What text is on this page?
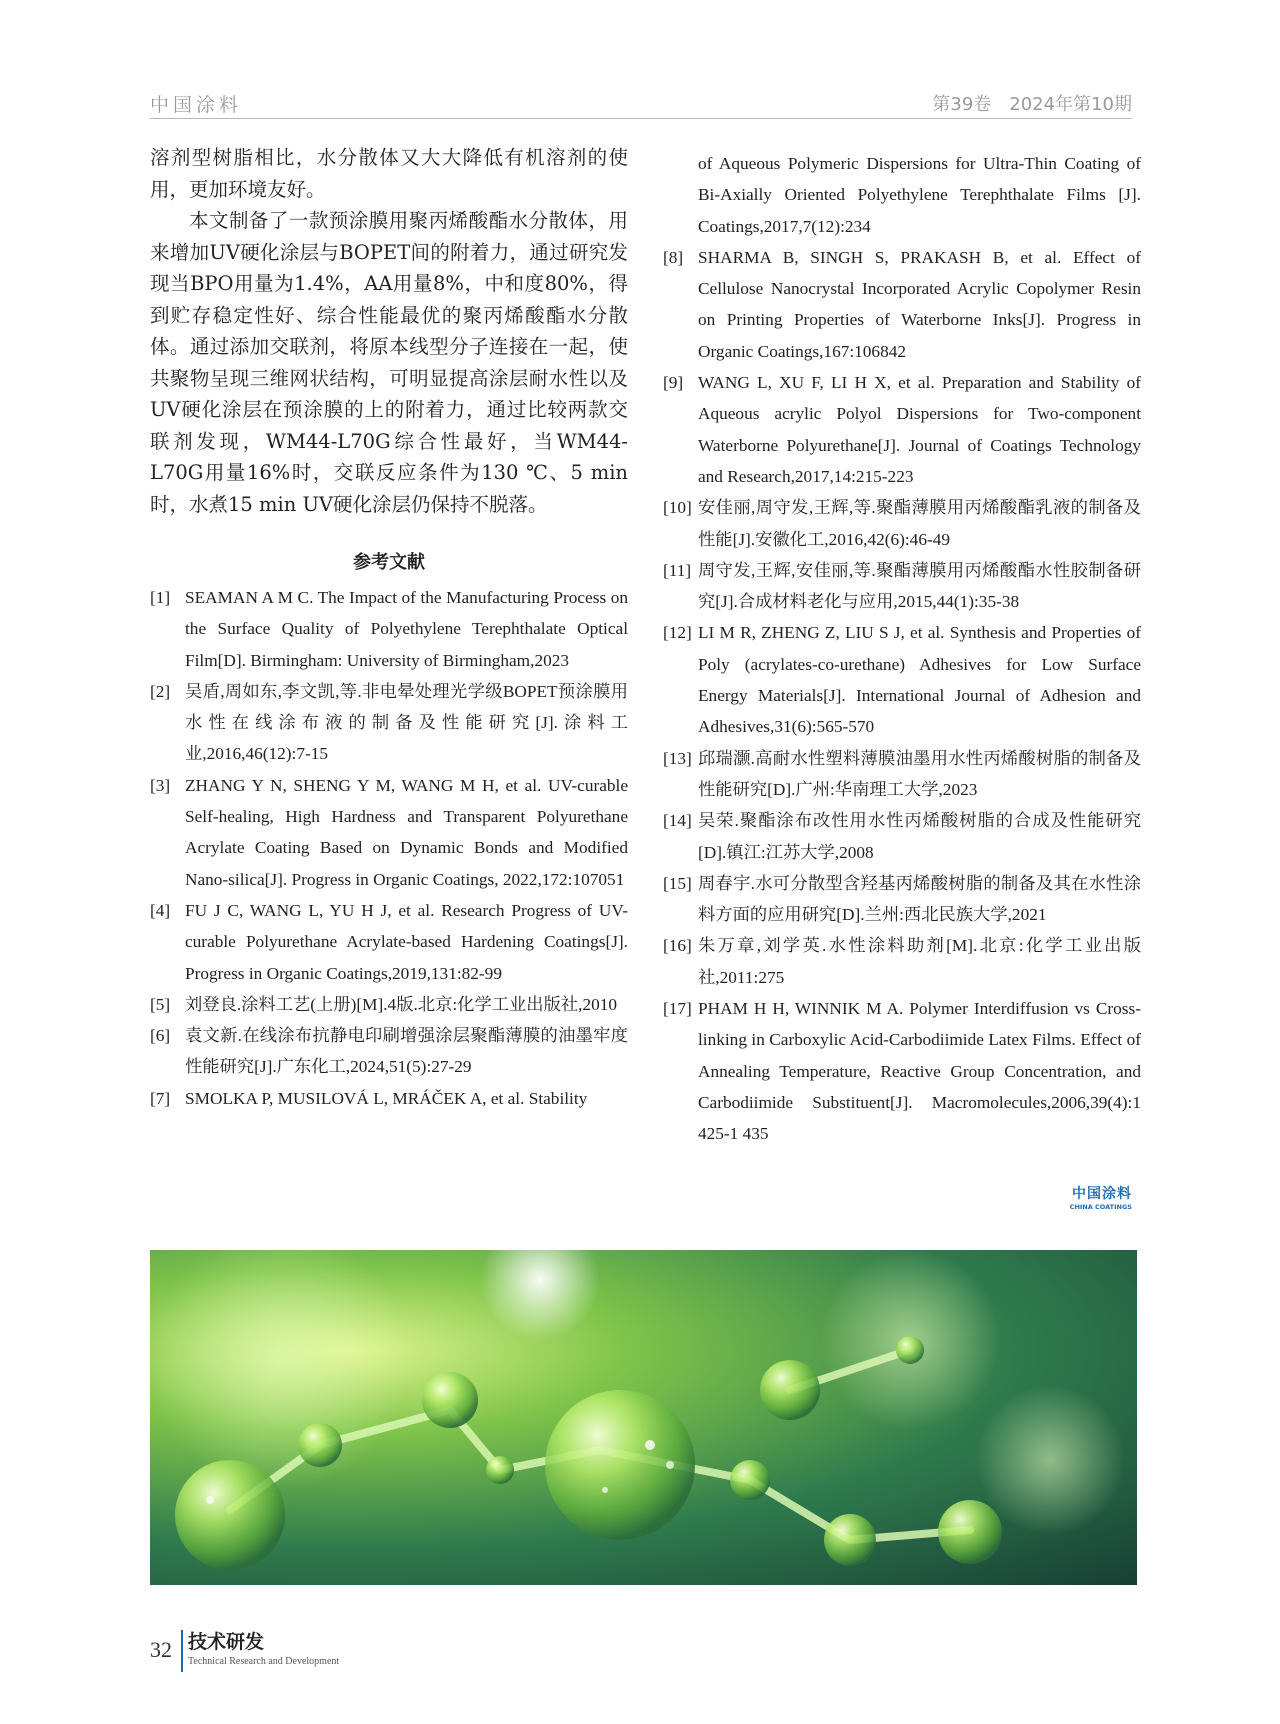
中国涂料	第39卷　2024年第10期

溶剂型树脂相比，水分散体又大大降低有机溶剂的使用，更加环境友好。

本文制备了一款预涂膜用聚丙烯酸酯水分散体，用来增加UV硬化涂层与BOPET间的附着力，通过研究发现当BPO用量为1.4%，AA用量8%，中和度80%，得到贮存稳定性好、综合性能最优的聚丙烯酸酯水分散体。通过添加交联剂，将原本线型分子连接在一起，使共聚物呈现三维网状结构，可明显提高涂层耐水性以及UV硬化涂层在预涂膜的上的附着力，通过比较两款交联剂发现，WM44-L70G综合性最好，当WM44-L70G用量16%时，交联反应条件为130 ℃、5 min时，水煮15 min UV硬化涂层仍保持不脱落。

参考文献
[1] SEAMAN A M C. The Impact of the Manufacturing Process on the Surface Quality of Polyethylene Terephthalate Optical Film[D]. Birmingham: University of Birmingham,2023
[2] 吴盾,周如东,李文凯,等.非电晕处理光学级BOPET预涂膜用水性在线涂布液的制备及性能研究[J].涂料工业,2016,46(12):7-15
[3] ZHANG Y N, SHENG Y M, WANG M H, et al. UV-curable Self-healing, High Hardness and Transparent Polyurethane Acrylate Coating Based on Dynamic Bonds and Modified Nano-silica[J]. Progress in Organic Coatings, 2022,172:107051
[4] FU J C, WANG L, YU H J, et al. Research Progress of UV-curable Polyurethane Acrylate-based Hardening Coatings[J]. Progress in Organic Coatings,2019,131:82-99
[5] 刘登良.涂料工艺(上册)[M].4版.北京:化学工业出版社,2010
[6] 袁文新.在线涂布抗静电印刷增强涂层聚酯薄膜的油墨牢度性能研究[J].广东化工,2024,51(5):27-29
[7] SMOLKA P, MUSILOVÁ L, MRÁČEK A, et al. Stability
of Aqueous Polymeric Dispersions for Ultra-Thin Coating of Bi-Axially Oriented Polyethylene Terephthalate Films [J]. Coatings,2017,7(12):234
[8] SHARMA B, SINGH S, PRAKASH B, et al. Effect of Cellulose Nanocrystal Incorporated Acrylic Copolymer Resin on Printing Properties of Waterborne Inks[J]. Progress in Organic Coatings,167:106842
[9] WANG L, XU F, LI H X, et al. Preparation and Stability of Aqueous acrylic Polyol Dispersions for Two-component Waterborne Polyurethane[J]. Journal of Coatings Technology and Research,2017,14:215-223
[10] 安佳丽,周守发,王辉,等.聚酯薄膜用丙烯酸酯乳液的制备及性能[J].安徽化工,2016,42(6):46-49
[11] 周守发,王辉,安佳丽,等.聚酯薄膜用丙烯酸酯水性胶制备研究[J].合成材料老化与应用,2015,44(1):35-38
[12] LI M R, ZHENG Z, LIU S J, et al. Synthesis and Properties of Poly (acrylates-co-urethane) Adhesives for Low Surface Energy Materials[J]. International Journal of Adhesion and Adhesives,31(6):565-570
[13] 邱瑞灏.高耐水性塑料薄膜油墨用水性丙烯酸树脂的制备及性能研究[D].广州:华南理工大学,2023
[14] 吴荣.聚酯涂布改性用水性丙烯酸树脂的合成及性能研究[D].镇江:江苏大学,2008
[15] 周春宇.水可分散型含羟基丙烯酸树脂的制备及其在水性涂料方面的应用研究[D].兰州:西北民族大学,2021
[16] 朱万章,刘学英.水性涂料助剂[M].北京:化学工业出版社,2011:275
[17] PHAM H H, WINNIK M A. Polymer Interdiffusion vs Cross-linking in Carboxylic Acid-Carbodiimide Latex Films. Effect of Annealing Temperature, Reactive Group Concentration, and Carbodiimide Substituent[J]. Macromolecules,2006,39(4):1 425-1 435
中国涂料
CHINA COATINGS
32 技术研发
Technical Research and Development
